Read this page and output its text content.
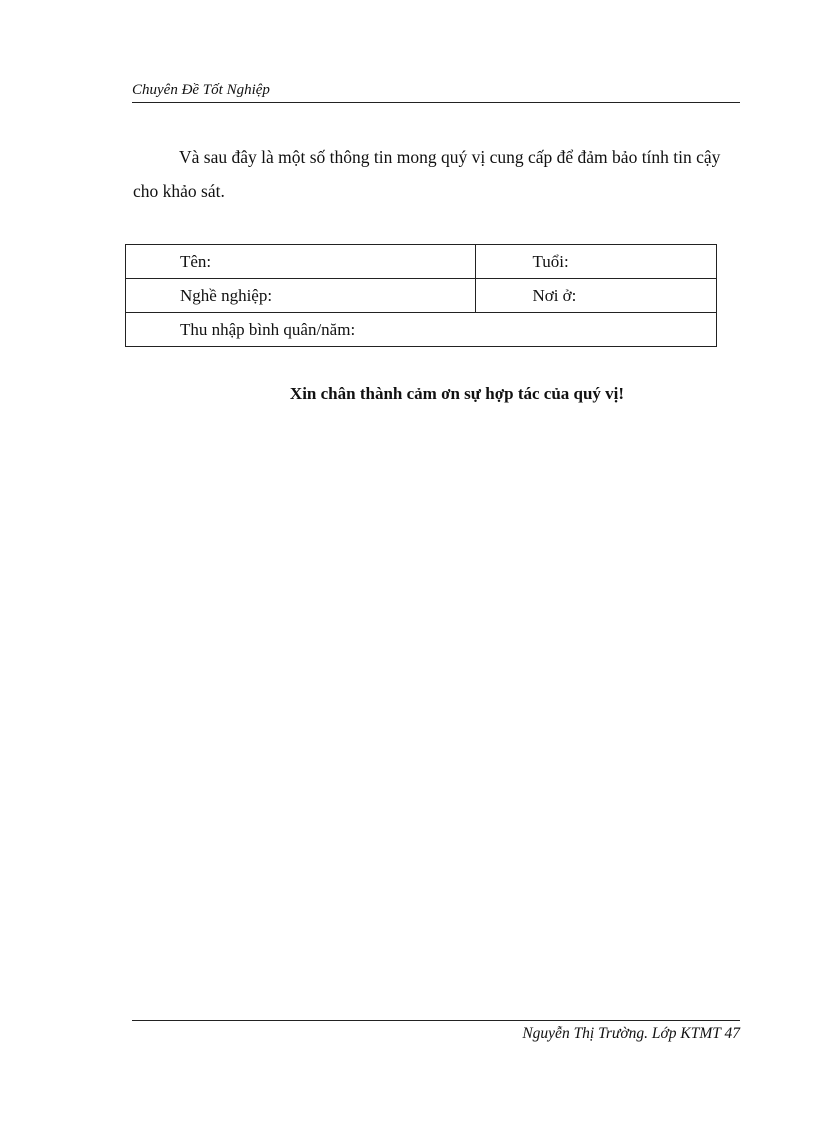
Chuyên Đề Tốt Nghiệp

Và sau đây là một số thông tin mong quý vị cung cấp để đảm bảo tính tin cậy cho khảo sát.

Tên:	Tuổi:
Nghề nghiệp:	Nơi ở:
Thu nhập bình quân/năm:	
Xin chân thành cảm ơn sự hợp tác của quý vị!
Nguyễn Thị Trường. Lớp KTMT 47
